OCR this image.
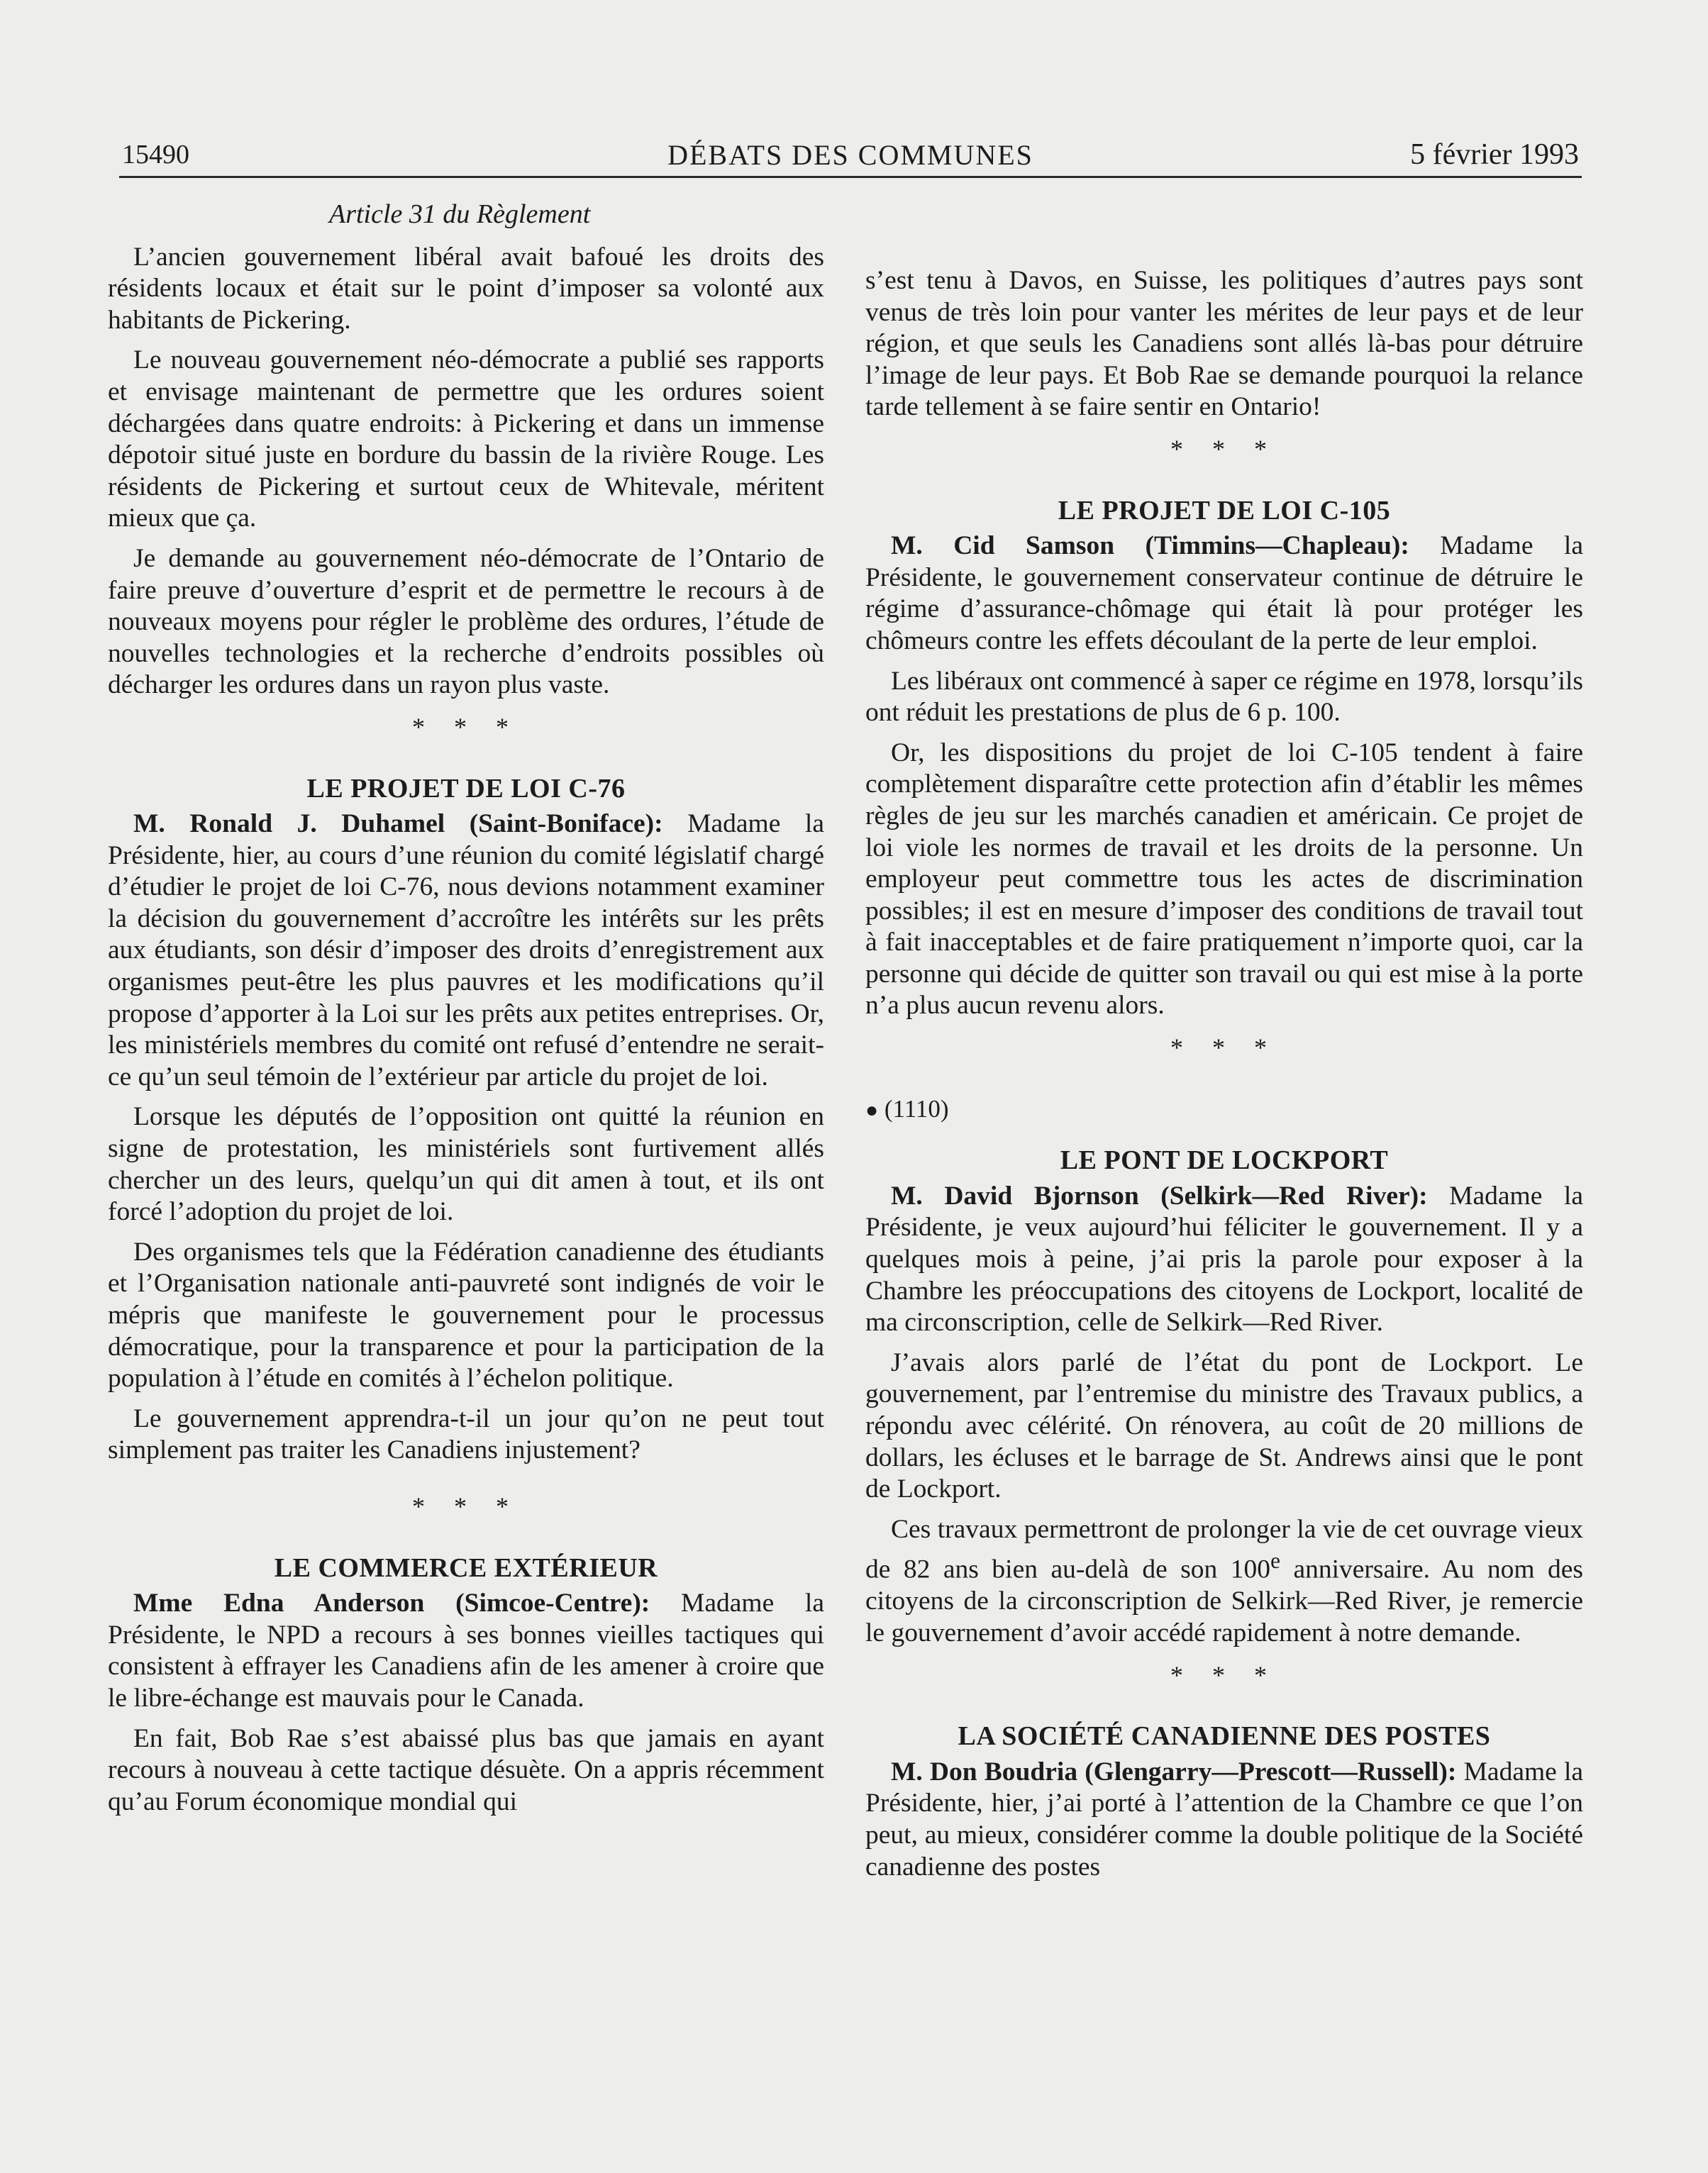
15490	DÉBATS DES COMMUNES	5 février 1993
Article 31 du Règlement

L’ancien gouvernement libéral avait bafoué les droits des résidents locaux et était sur le point d’imposer sa volonté aux habitants de Pickering.

Le nouveau gouvernement néo-démocrate a publié ses rapports et envisage maintenant de permettre que les ordures soient déchargées dans quatre endroits: à Pickering et dans un immense dépotoir situé juste en bordure du bassin de la rivière Rouge. Les résidents de Pickering et surtout ceux de Whitevale, méritent mieux que ça.

Je demande au gouvernement néo-démocrate de l’Ontario de faire preuve d’ouverture d’esprit et de permettre le recours à de nouveaux moyens pour régler le problème des ordures, l’étude de nouvelles technologies et la recherche d’endroits possibles où décharger les ordures dans un rayon plus vaste.

* * *
LE PROJET DE LOI C-76

M. Ronald J. Duhamel (Saint-Boniface): Madame la Présidente, hier, au cours d’une réunion du comité législatif chargé d’étudier le projet de loi C-76, nous devions notamment examiner la décision du gouvernement d’accroître les intérêts sur les prêts aux étudiants, son désir d’imposer des droits d’enregistrement aux organismes peut-être les plus pauvres et les modifications qu’il propose d’apporter à la Loi sur les prêts aux petites entreprises. Or, les ministériels membres du comité ont refusé d’entendre ne serait-ce qu’un seul témoin de l’extérieur par article du projet de loi.

Lorsque les députés de l’opposition ont quitté la réunion en signe de protestation, les ministériels sont furtivement allés chercher un des leurs, quelqu’un qui dit amen à tout, et ils ont forcé l’adoption du projet de loi.

Des organismes tels que la Fédération canadienne des étudiants et l’Organisation nationale anti-pauvreté sont indignés de voir le mépris que manifeste le gouvernement pour le processus démocratique, pour la transparence et pour la participation de la population à l’étude en comités à l’échelon politique.

Le gouvernement apprendra-t-il un jour qu’on ne peut tout simplement pas traiter les Canadiens injustement?

* * *
LE COMMERCE EXTÉRIEUR

Mme Edna Anderson (Simcoe-Centre): Madame la Présidente, le NPD a recours à ses bonnes vieilles tactiques qui consistent à effrayer les Canadiens afin de les amener à croire que le libre-échange est mauvais pour le Canada.

En fait, Bob Rae s’est abaissé plus bas que jamais en ayant recours à nouveau à cette tactique désuète. On a appris récemment qu’au Forum économique mondial qui

s’est tenu à Davos, en Suisse, les politiques d’autres pays sont venus de très loin pour vanter les mérites de leur pays et de leur région, et que seuls les Canadiens sont allés là-bas pour détruire l’image de leur pays. Et Bob Rae se demande pourquoi la relance tarde tellement à se faire sentir en Ontario!

* * *
LE PROJET DE LOI C-105

M. Cid Samson (Timmins—Chapleau): Madame la Présidente, le gouvernement conservateur continue de détruire le régime d’assurance-chômage qui était là pour protéger les chômeurs contre les effets découlant de la perte de leur emploi.

Les libéraux ont commencé à saper ce régime en 1978, lorsqu’ils ont réduit les prestations de plus de 6 p. 100.

Or, les dispositions du projet de loi C-105 tendent à faire complètement disparaître cette protection afin d’établir les mêmes règles de jeu sur les marchés canadien et américain. Ce projet de loi viole les normes de travail et les droits de la personne. Un employeur peut commettre tous les actes de discrimination possibles; il est en mesure d’imposer des conditions de travail tout à fait inacceptables et de faire pratiquement n’importe quoi, car la personne qui décide de quitter son travail ou qui est mise à la porte n’a plus aucun revenu alors.

* * *
● (1110)
LE PONT DE LOCKPORT

M. David Bjornson (Selkirk—Red River): Madame la Présidente, je veux aujourd’hui féliciter le gouvernement. Il y a quelques mois à peine, j’ai pris la parole pour exposer à la Chambre les préoccupations des citoyens de Lockport, localité de ma circonscription, celle de Selkirk—Red River.

J’avais alors parlé de l’état du pont de Lockport. Le gouvernement, par l’entremise du ministre des Travaux publics, a répondu avec célérité. On rénovera, au coût de 20 millions de dollars, les écluses et le barrage de St. Andrews ainsi que le pont de Lockport.

Ces travaux permettront de prolonger la vie de cet ouvrage vieux de 82 ans bien au-delà de son 100e anniversaire. Au nom des citoyens de la circonscription de Selkirk—Red River, je remercie le gouvernement d’avoir accédé rapidement à notre demande.

* * *
LA SOCIÉTÉ CANADIENNE DES POSTES

M. Don Boudria (Glengarry—Prescott—Russell): Madame la Présidente, hier, j’ai porté à l’attention de la Chambre ce que l’on peut, au mieux, considérer comme la double politique de la Société canadienne des postes
